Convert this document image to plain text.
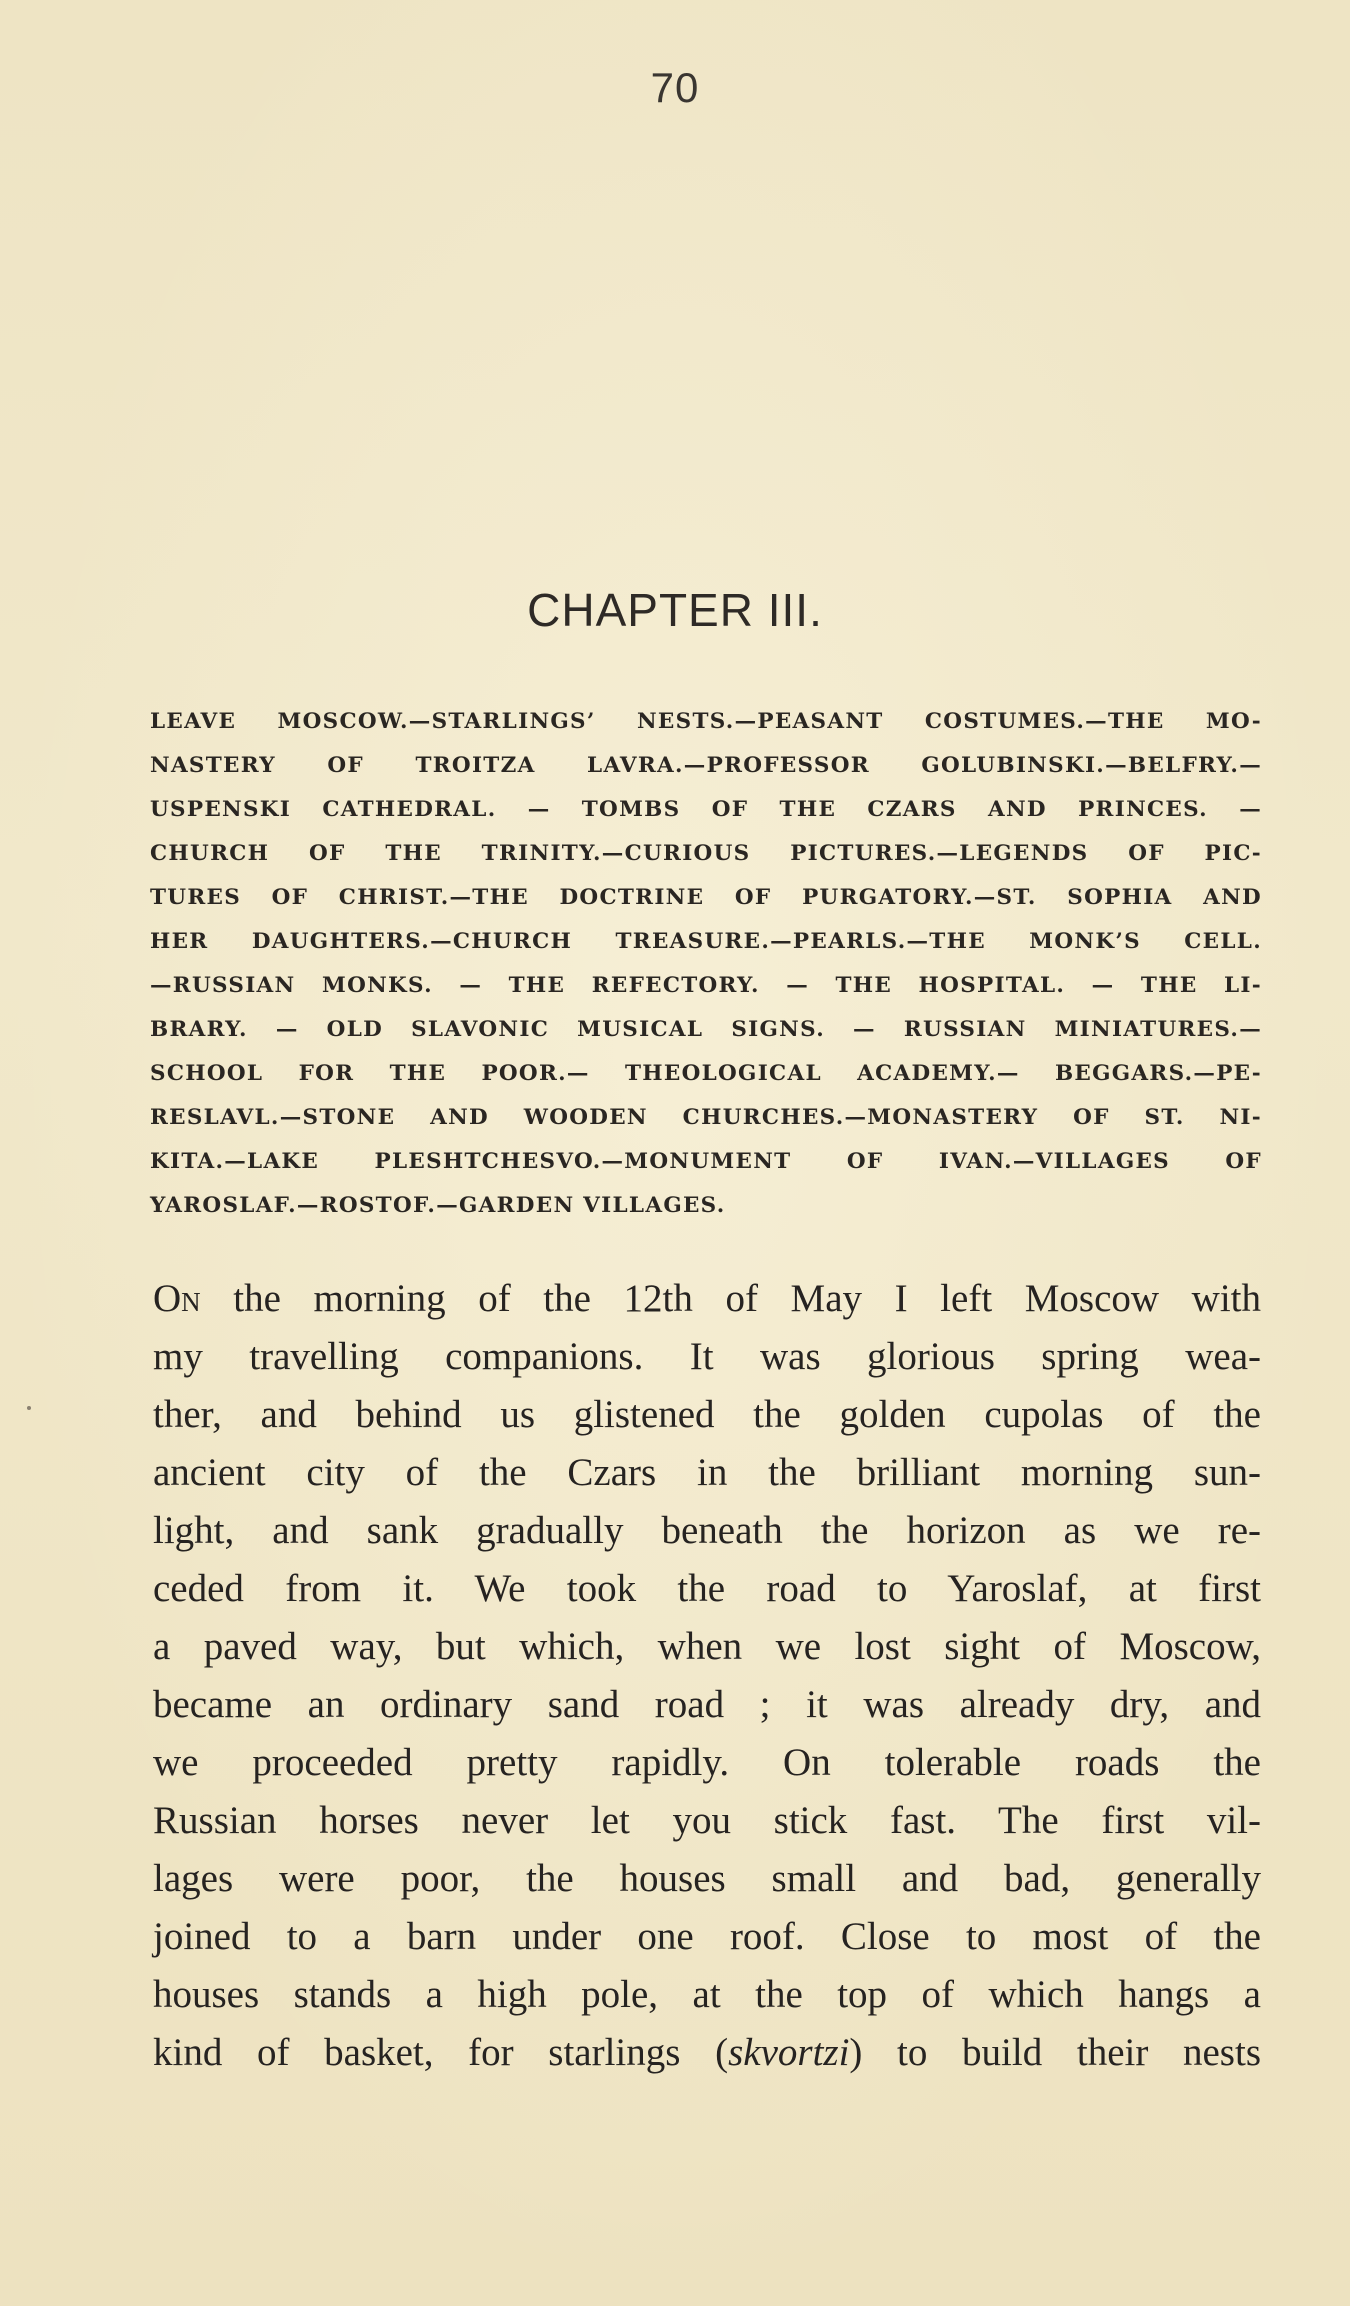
70
CHAPTER III.
LEAVE MOSCOW.—STARLINGS’ NESTS.—PEASANT COSTUMES.—THE MO-
NASTERY OF TROITZA LAVRA.—PROFESSOR GOLUBINSKI.—BELFRY.—
USPENSKI CATHEDRAL. — TOMBS OF THE CZARS AND PRINCES. —
CHURCH OF THE TRINITY.—CURIOUS PICTURES.—LEGENDS OF PIC-
TURES OF CHRIST.—THE DOCTRINE OF PURGATORY.—ST. SOPHIA AND
HER DAUGHTERS.—CHURCH TREASURE.—PEARLS.—THE MONK’S CELL.
—RUSSIAN MONKS. — THE REFECTORY. — THE HOSPITAL. — THE LI-
BRARY. — OLD SLAVONIC MUSICAL SIGNS. — RUSSIAN MINIATURES.—
SCHOOL FOR THE POOR.— THEOLOGICAL ACADEMY.— BEGGARS.—PE-
RESLAVL.—STONE AND WOODEN CHURCHES.—MONASTERY OF ST. NI-
KITA.—LAKE PLESHTCHESVO.—MONUMENT OF IVAN.—VILLAGES OF
YAROSLAF.—ROSTOF.—GARDEN VILLAGES.
On the morning of the 12th of May I left Moscow with
my travelling companions. It was glorious spring wea-
ther, and behind us glistened the golden cupolas of the
ancient city of the Czars in the brilliant morning sun-
light, and sank gradually beneath the horizon as we re-
ceded from it. We took the road to Yaroslaf, at first
a paved way, but which, when we lost sight of Moscow,
became an ordinary sand road ; it was already dry, and
we proceeded pretty rapidly. On tolerable roads the
Russian horses never let you stick fast. The first vil-
lages were poor, the houses small and bad, generally
joined to a barn under one roof. Close to most of the
houses stands a high pole, at the top of which hangs a
kind of basket, for starlings (skvortzi) to build their nests
